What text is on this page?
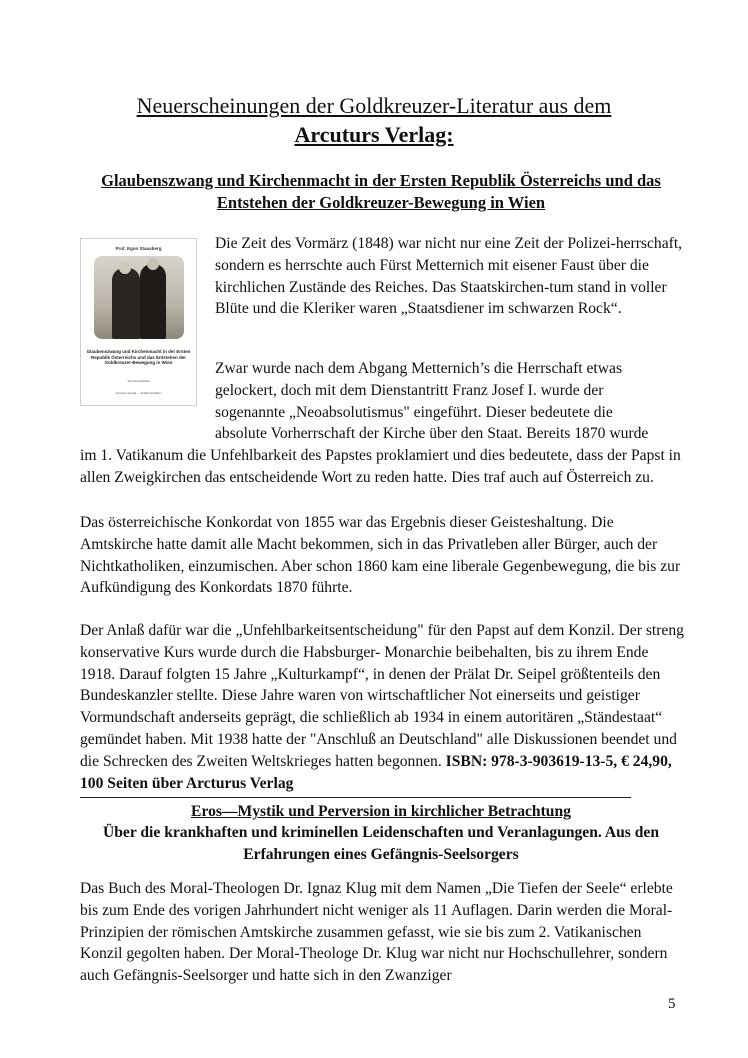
Neuerscheinungen der Goldkreuzer-Literatur aus dem
Arcuturs Verlag:
Glaubenszwang und Kirchenmacht in der Ersten Republik Österreichs und das Entstehen der Goldkreuzer-Bewegung in Wien
Prof. Egon Stausberg
Glaubenszwang und Kirchenmacht in der Ersten Republik Österreichs und das Entstehen der Goldkreuzer-Bewegung in Wien
Sternenbeilstück
Arcturus Verlag — Erdölt Schöffen
Die Zeit des Vormärz (1848) war nicht nur eine Zeit der Polizei-herrschaft, sondern es herrschte auch Fürst Metternich mit eisener Faust über die kirchlichen Zustände des Reiches. Das Staatskirchen-tum stand in voller Blüte und die Kleriker waren „Staatsdiener im schwarzen Rock“.
Zwar wurde nach dem Abgang Metternich’s die Herrschaft etwas
gelockert, doch mit dem Dienstantritt Franz Josef I. wurde der
sogenannte „Neoabsolutismus" eingeführt. Dieser bedeutete die
absolute Vorherrschaft der Kirche über den Staat. Bereits 1870 wurde
im 1. Vatikanum die Unfehlbarkeit des Papstes proklamiert und dies bedeutete, dass der Papst in allen Zweigkirchen das entscheidende Wort zu reden hatte. Dies traf auch auf Österreich zu.
Das österreichische Konkordat von 1855 war das Ergebnis dieser Geisteshaltung. Die Amtskirche hatte damit alle Macht bekommen, sich in das Privatleben aller Bürger, auch der Nichtkatholiken, einzumischen. Aber schon 1860 kam eine liberale Gegenbewegung, die bis zur Aufkündigung des Konkordats 1870 führte.
Der Anlaß dafür war die „Unfehlbarkeitsentscheidung" für den Papst auf dem Konzil. Der streng konservative Kurs wurde durch die Habsburger- Monarchie beibehalten, bis zu ihrem Ende 1918. Darauf folgten 15 Jahre „Kulturkampf“, in denen der Prälat Dr. Seipel größtenteils den Bundeskanzler stellte. Diese Jahre waren von wirtschaftlicher Not einerseits und geistiger Vormundschaft anderseits geprägt, die schließlich ab 1934 in einem autoritären „Ständestaat“ gemündet haben. Mit 1938 hatte der "Anschluß an Deutschland" alle Diskussionen beendet und die Schrecken des Zweiten Weltskrieges hatten begonnen. ISBN: 978-3-903619-13-5, € 24,90, 100 Seiten über Arcturus Verlag
Eros—Mystik und Perversion in kirchlicher Betrachtung
Über die krankhaften und kriminellen Leidenschaften und Veranlagungen. Aus den Erfahrungen eines Gefängnis-Seelsorgers
Das Buch des Moral-Theologen Dr. Ignaz Klug mit dem Namen „Die Tiefen der Seele“ erlebte bis zum Ende des vorigen Jahrhundert nicht weniger als 11 Auflagen. Darin werden die Moral-Prinzipien der römischen Amtskirche zusammen gefasst, wie sie bis zum 2. Vatikanischen Konzil gegolten haben. Der Moral-Theologe Dr. Klug war nicht nur Hochschullehrer, sondern auch Gefängnis-Seelsorger und hatte sich in den Zwanziger
5
